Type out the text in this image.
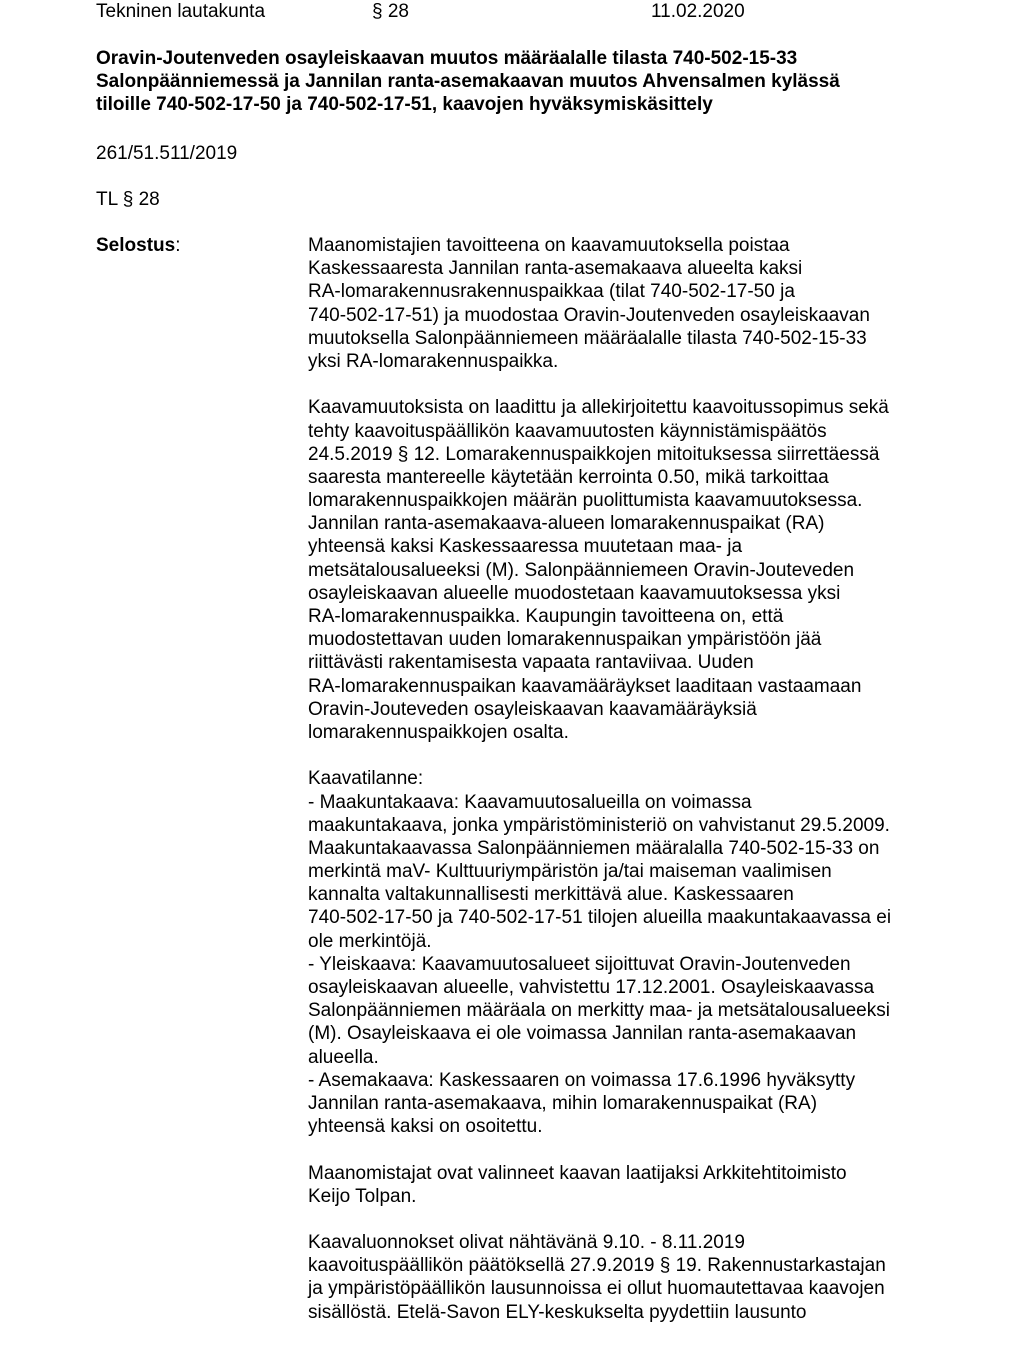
Tekninen lautakunta	§ 28	11.02.2020
Oravin-Joutenveden osayleiskaavan muutos määräalalle tilasta 740-502-15-33
Salonpäänniemessä ja Jannilan ranta-asemakaavan muutos Ahvensalmen kylässä
tiloille 740-502-17-50 ja 740-502-17-51, kaavojen hyväksymiskäsittely
261/51.511/2019
TL § 28
Selostus:	Maanomistajien tavoitteena on kaavamuutoksella poistaa
Kaskessaaresta Jannilan ranta-asemakaava alueelta kaksi
RA-lomarakennusrakennuspaikkaa (tilat 740-502-17-50 ja
740-502-17-51) ja muodostaa Oravin-Joutenveden osayleiskaavan
muutoksella Salonpäänniemeen määräalalle tilasta 740-502-15-33
yksi RA-lomarakennuspaikka.
Kaavamuutoksista on laadittu ja allekirjoitettu kaavoitussopimus sekä
tehty kaavoituspäällikön kaavamuutosten käynnistämispäätös
24.5.2019 § 12. Lomarakennuspaikkojen mitoituksessa siirrettäessä
saaresta mantereelle käytetään kerrointa 0.50, mikä tarkoittaa
lomarakennuspaikkojen määrän puolittumista kaavamuutoksessa.
Jannilan ranta-asemakaava-alueen lomarakennuspaikat (RA)
yhteensä kaksi Kaskessaaressa muutetaan maa- ja
metsätalousalueeksi (M). Salonpäänniemeen Oravin-Jouteveden
osayleiskaavan alueelle muodostetaan kaavamuutoksessa yksi
RA-lomarakennuspaikka. Kaupungin tavoitteena on, että
muodostettavan uuden lomarakennuspaikan ympäristöön jää
riittävästi rakentamisesta vapaata rantaviivaa. Uuden
RA-lomarakennuspaikan kaavamääräykset laaditaan vastaamaan
Oravin-Jouteveden osayleiskaavan kaavamääräyksiä
lomarakennuspaikkojen osalta.
Kaavatilanne:
- Maakuntakaava: Kaavamuutosalueilla on voimassa
maakuntakaava, jonka ympäristöministeriö on vahvistanut 29.5.2009.
Maakuntakaavassa Salonpäänniemen määralalla 740-502-15-33 on
merkintä maV- Kulttuuriympäristön ja/tai maiseman vaalimisen
kannalta valtakunnallisesti merkittävä alue. Kaskessaaren
740-502-17-50 ja 740-502-17-51 tilojen alueilla maakuntakaavassa ei
ole merkintöjä.
- Yleiskaava: Kaavamuutosalueet sijoittuvat Oravin-Joutenveden
osayleiskaavan alueelle, vahvistettu 17.12.2001. Osayleiskaavassa
Salonpäänniemen määräala on merkitty maa- ja metsätalousalueeksi
(M). Osayleiskaava ei ole voimassa Jannilan ranta-asemakaavan
alueella.
- Asemakaava: Kaskessaaren on voimassa 17.6.1996 hyväksytty
Jannilan ranta-asemakaava, mihin lomarakennuspaikat (RA)
yhteensä kaksi on osoitettu.
Maanomistajat ovat valinneet kaavan laatijaksi Arkkitehtitoimisto
Keijo Tolpan.
Kaavaluonnokset olivat nähtävänä 9.10. - 8.11.2019
kaavoituspäällikön päätöksellä 27.9.2019 § 19. Rakennustarkastajan
ja ympäristöpäällikön lausunnoissa ei ollut huomautettavaa kaavojen
sisällöstä. Etelä-Savon ELY-keskukselta pyydettiin lausunto
